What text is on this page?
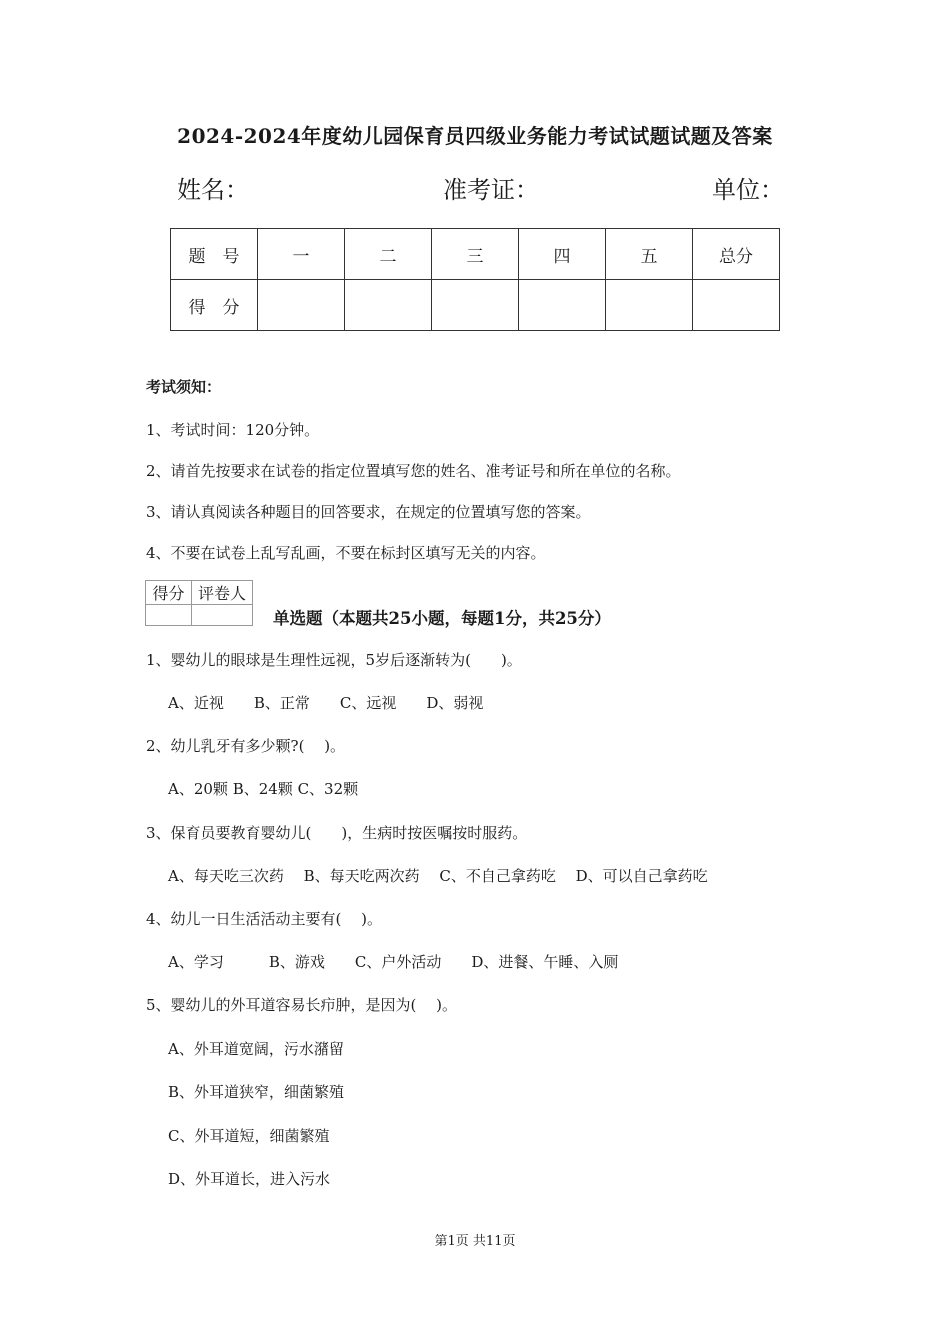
2024-2024年度幼儿园保育员四级业务能力考试试题试题及答案
姓名：	准考证：	单位：
题　号	一	二	三	四	五	总分
得　分						
考试须知：
1、考试时间：120分钟。
2、请首先按要求在试卷的指定位置填写您的姓名、准考证号和所在单位的名称。
3、请认真阅读各种题目的回答要求，在规定的位置填写您的答案。
4、不要在试卷上乱写乱画，不要在标封区填写无关的内容。
得分	评卷人

单选题（本题共25小题，每题1分，共25分）
1、婴幼儿的眼球是生理性远视，5岁后逐渐转为(　　)。
A、近视　　B、正常　　C、远视　　D、弱视
2、幼儿乳牙有多少颗?(　 )。
A、20颗 B、24颗 C、32颗
3、保育员要教育婴幼儿(　　)，生病时按医嘱按时服药。
A、每天吃三次药　 B、每天吃两次药　 C、不自己拿药吃　 D、可以自己拿药吃
4、幼儿一日生活活动主要有(　 )。
A、学习　　　B、游戏　　C、户外活动　　D、进餐、午睡、入厕
5、婴幼儿的外耳道容易长疖肿，是因为(　 )。
A、外耳道宽阔，污水潴留
B、外耳道狭窄，细菌繁殖
C、外耳道短，细菌繁殖
D、外耳道长，进入污水
第1页 共11页
